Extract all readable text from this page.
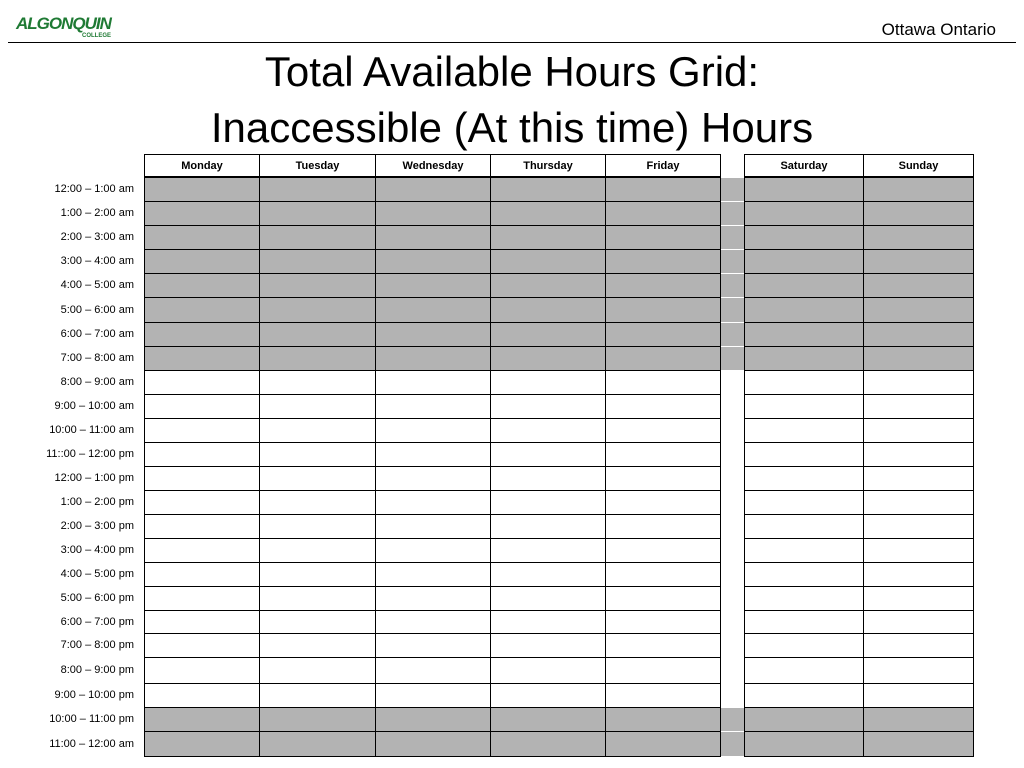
ALGONQUIN
COLLEGE	Ottawa Ontario
Total Available Hours Grid:
Inaccessible (At this time) Hours
Monday	Tuesday	Wednesday	Thursday	Friday	Saturday	Sunday
12:00 – 1:00 am
1:00 – 2:00 am
2:00 – 3:00 am
3:00 – 4:00 am
4:00 – 5:00 am
5:00 – 6:00 am
6:00 – 7:00 am
7:00 – 8:00 am
8:00 – 9:00 am
9:00 – 10:00 am
10:00 – 11:00 am
11::00 – 12:00 pm
12:00 – 1:00 pm
1:00 – 2:00 pm
2:00 – 3:00 pm
3:00 – 4:00 pm
4:00 – 5:00 pm
5:00 – 6:00 pm
6:00 – 7:00 pm
7:00 – 8:00 pm
8:00 – 9:00 pm
9:00 – 10:00 pm
10:00 – 11:00 pm
11:00 – 12:00 am
